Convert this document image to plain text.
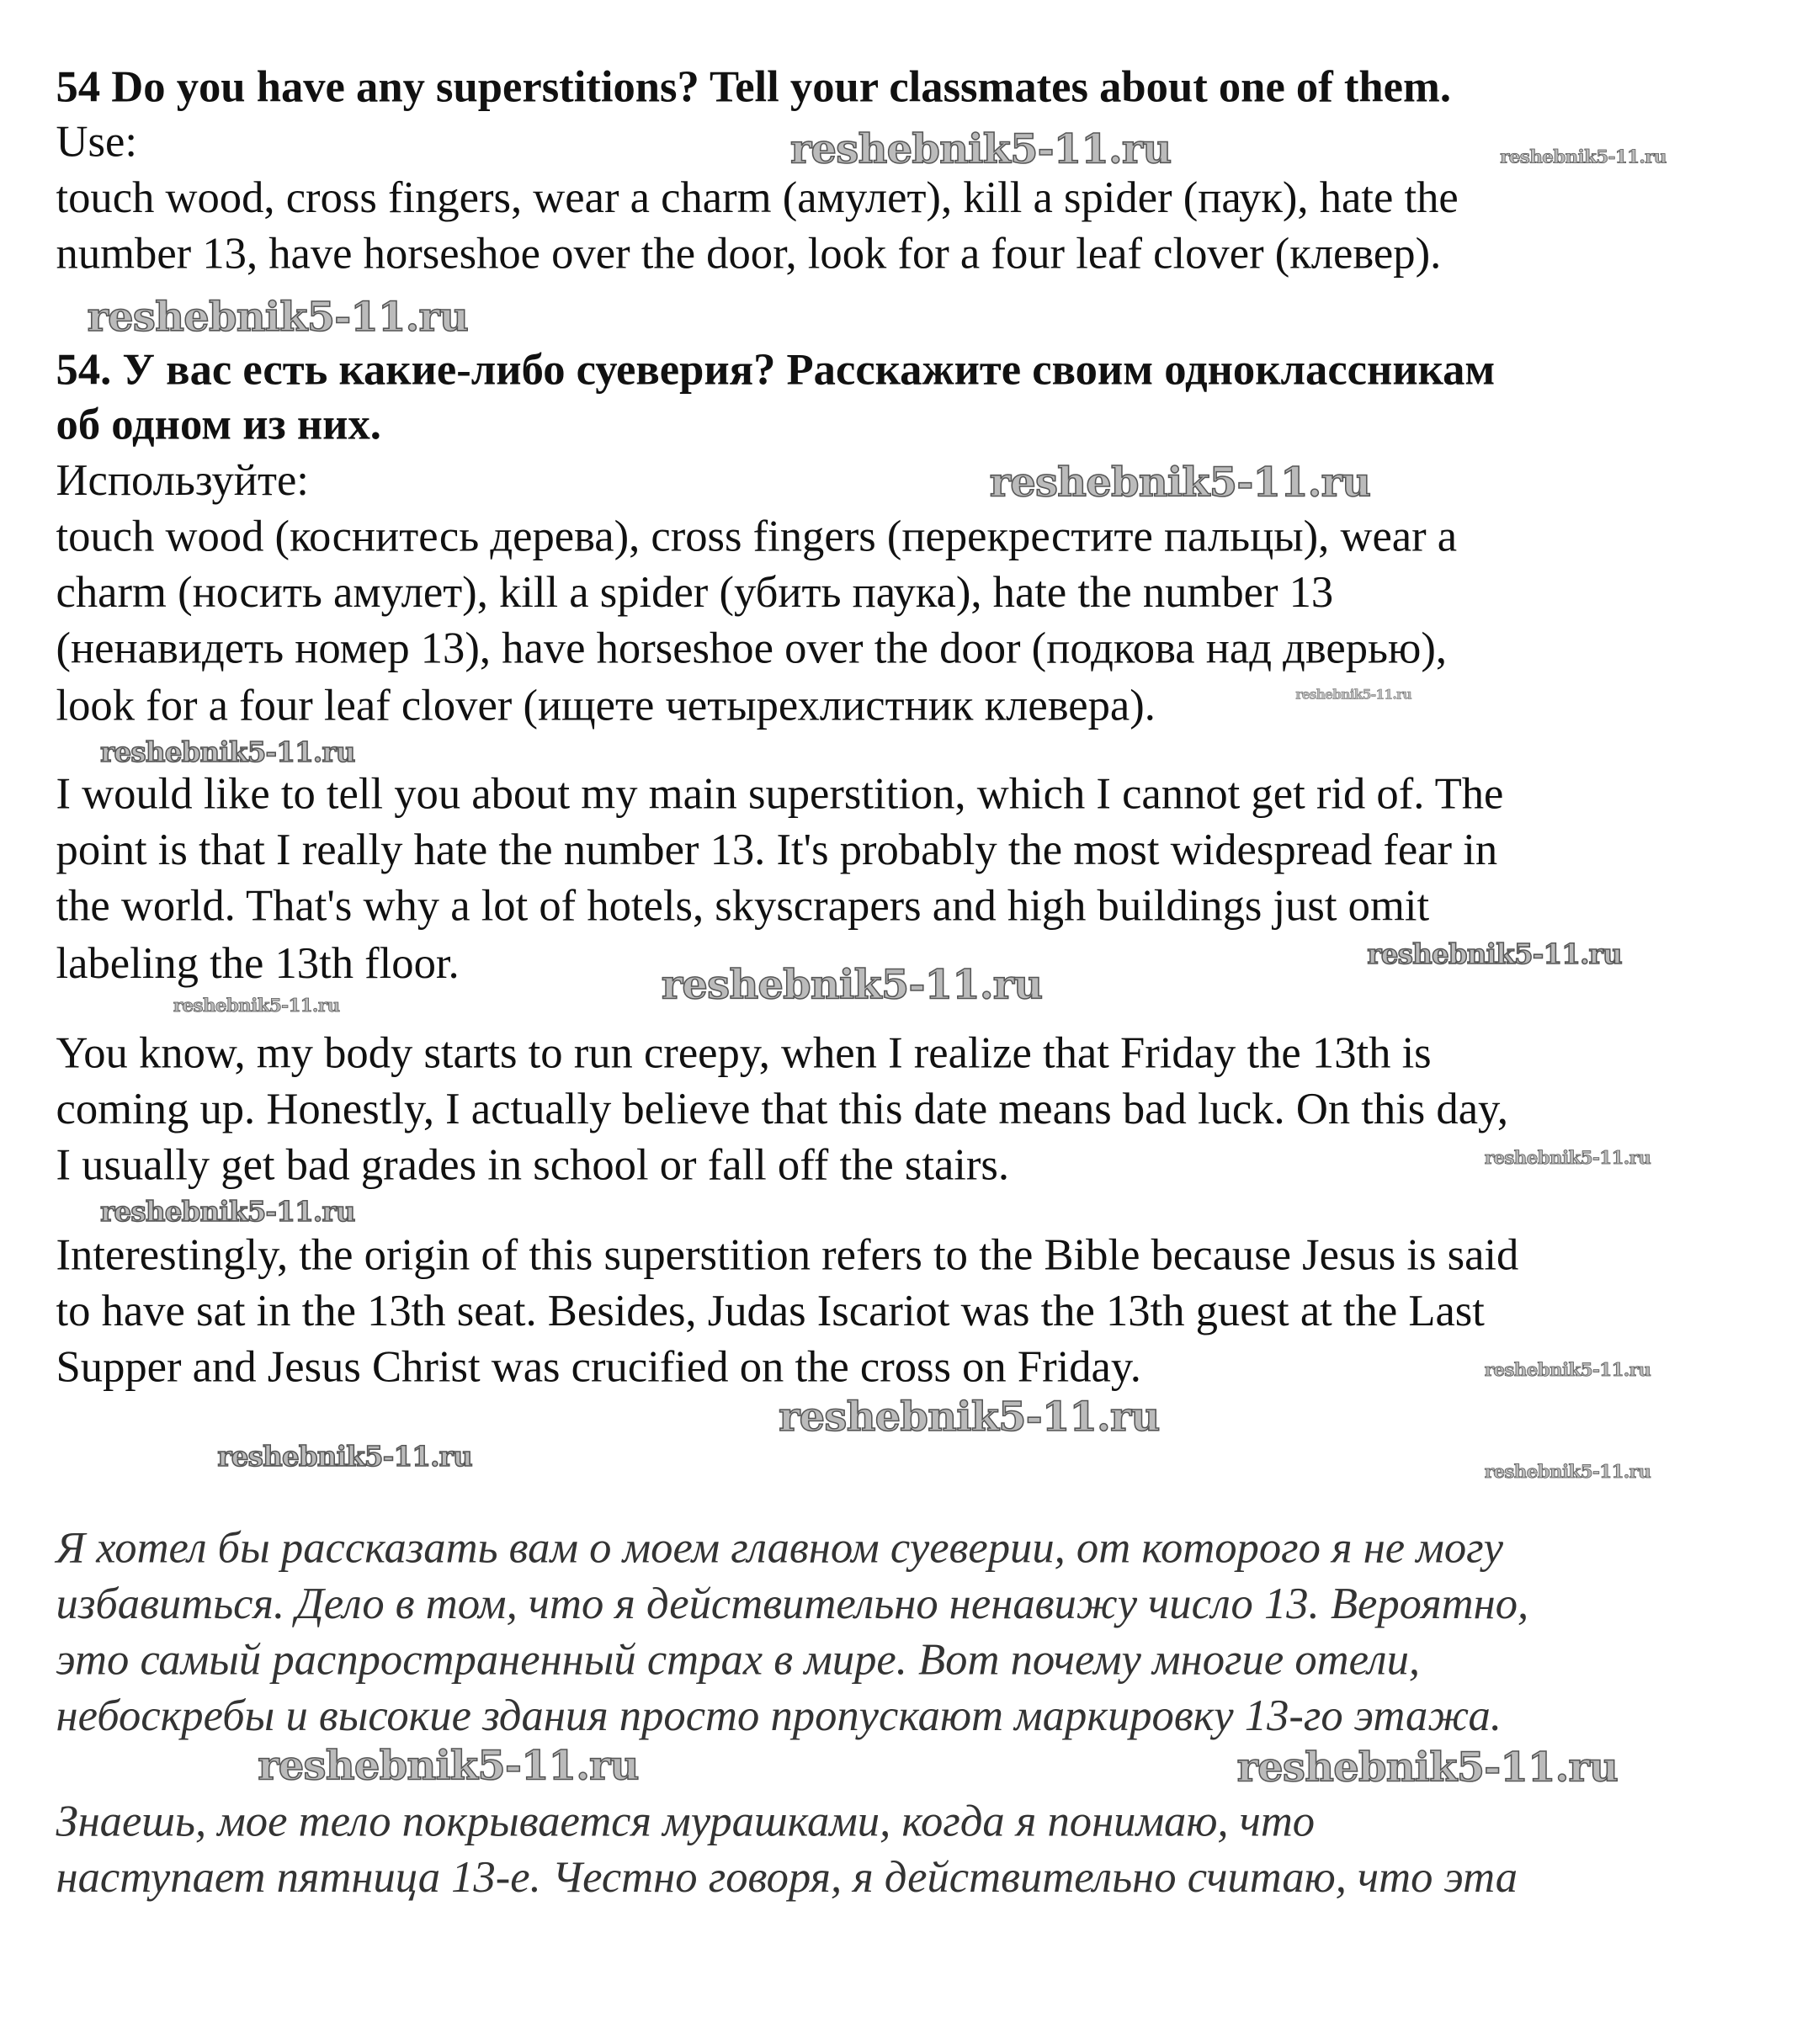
54 Do you have any superstitions? Tell your classmates about one of them.
Use:
touch wood, cross fingers, wear a charm (амулет), kill a spider (паук), hate the
number 13, have horseshoe over the door, look for a four leaf clover (клевер).
54. У вас есть какие-либо суеверия? Расскажите своим одноклассникам
об одном из них.
Используйте:
touch wood (коснитесь дерева), cross fingers (перекрестите пальцы), wear a
charm (носить амулет), kill a spider (убить паука), hate the number 13
(ненавидеть номер 13), have horseshoe over the door (подкова над дверью),
look for a four leaf clover (ищете четырехлистник клевера).
I would like to tell you about my main superstition, which I cannot get rid of. The
point is that I really hate the number 13. It's probably the most widespread fear in
the world. That's why a lot of hotels, skyscrapers and high buildings just omit
labeling the 13th floor.
You know, my body starts to run creepy, when I realize that Friday the 13th is
coming up. Honestly, I actually believe that this date means bad luck. On this day,
I usually get bad grades in school or fall off the stairs.
Interestingly, the origin of this superstition refers to the Bible because Jesus is said
to have sat in the 13th seat. Besides, Judas Iscariot was the 13th guest at the Last
Supper and Jesus Christ was crucified on the cross on Friday.
Я хотел бы рассказать вам о моем главном суеверии, от которого я не могу
избавиться. Дело в том, что я действительно ненавижу число 13. Вероятно,
это самый распространенный страх в мире. Вот почему многие отели,
небоскребы и высокие здания просто пропускают маркировку 13-го этажа.
Знаешь, мое тело покрывается мурашками, когда я понимаю, что
наступает пятница 13-е. Честно говоря, я действительно считаю, что эта
reshebnik5-11.ru	reshebnik5-11.ru
reshebnik5-11.ru
reshebnik5-11.ru
reshebnik5-11.ru
reshebnik5-11.ru
reshebnik5-11.ru
reshebnik5-11.ru
reshebnik5-11.ru
reshebnik5-11.ru
reshebnik5-11.ru
reshebnik5-11.ru
reshebnik5-11.ru
reshebnik5-11.ru	reshebnik5-11.ru
reshebnik5-11.ru	reshebnik5-11.ru
